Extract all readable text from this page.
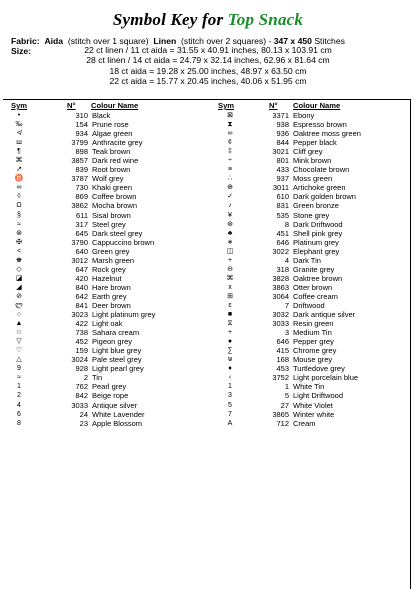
Symbol Key for Top Snack
Fabric: Aida (stitch over 1 square) Linen (stitch over 2 squares) - 347 x 450 Stitches
Size:	22 ct linen / 11 ct aida = 31.55 x 40.91 inches, 80.13 x 103.91 cm
28 ct linen / 14 ct aida = 24.79 x 32.14 inches, 62.96 x 81.64 cm
18 ct aida = 19.28 x 25.00 inches, 48.97 x 63.50 cm
22 ct aida = 15.77 x 20.45 inches, 40.06 x 51.95 cm
Sym	N° Colour Name	Sym	N° Colour Name
•	310 Black
‰	154 Prune rose
≮	934 Algae green
ш	3799 Anthracite grey
¶	898 Teak brown
⌘	3857 Dark red wine
↗	839 Root brown
♉	3787 Wolf grey
∞	730 Khaki green
◊	869 Coffee brown
Ω	3862 Mocha brown
§	611 Sisal brown
≈	317 Steel grey
⊛	645 Dark steel grey
✠	3790 Cappuccino brown
<	640 Green grey
♚	3012 Marsh green
◇	647 Rock grey
◪	420 Hazelnut
◢	840 Hare brown
⊘	642 Earth grey
ლ	841 Deer brown
○	3023 Light platinum grey
▲	422 Light oak
☆	738 Sahara cream
▽	452 Pigeon grey
♡	159 Light blue grey
△	3024 Pale steel grey
9	928 Light pearl grey
≈	2 Tin
1	762 Pearl grey
2	842 Beige rope
4	3033 Antique silver
6	24 White Lavender
8	23 Apple Blossom
⊠	3371 Ebony
⧗	938 Espresso brown
∞	936 Oaktree moss green
¢	844 Pepper black
‡	3021 Cliff grey
÷	801 Mink brown
≡	433 Chocolate brown
∴	937 Moss green
⊕	3011 Artichoke green
✓	610 Dark golden brown
♪	831 Green bronze
¥	535 Stone grey
⊛	8 Dark Driftwood
♣	451 Shell pink grey
∗	646 Platinum grey
◫	3022 Elephant grey
+	4 Dark Tin
⊖	318 Granite grey
⌘	3828 Oaktree brown
x	3863 Otter brown
⊞	3064 Coffee cream
ɛ	7 Driftwood
■	3032 Dark antique silver
⧖	3033 Resin green
+	3 Medium Tin
●	646 Pepper grey
∑	415 Chrome grey
ѡ	168 Mouse grey
♦	453 Turtledove grey
‹	3752 Light porcelain blue
1	1 White Tin
3	5 Light Driftwood
5	27 White Violet
7	3865 Winter white
A	712 Cream
